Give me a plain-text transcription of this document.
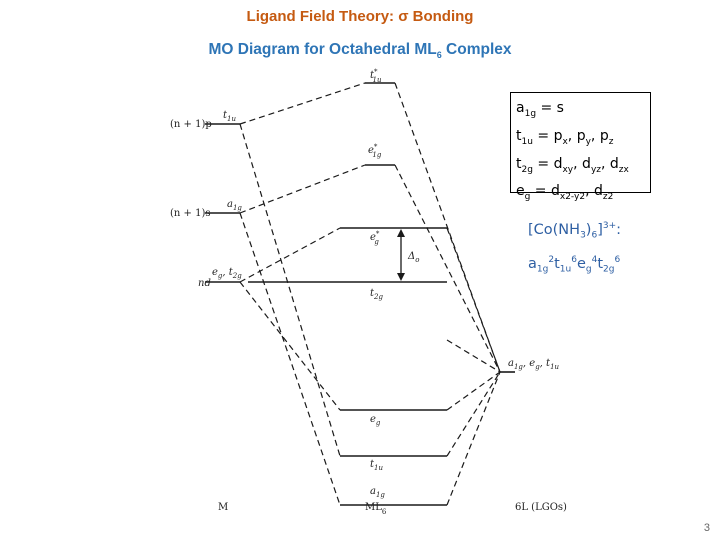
Ligand Field Theory: σ Bonding
MO Diagram for Octahedral $ML_6$ Complex
(n + 1)p
$t_{1u}$
(n + 1)s
$a_{1g}$
nd
$e_g$, $t_{2g}$
t* 1u
e* 1g
e* g
$t_{2g}$
$e_g$
$t_{1u}$
$a_{1g}$
$\Delta_o$
$a_{1g}$, $e_g$, $t_{1u}$
M	$ML_6$	6L (LGOs)
$a_{1g} = s$
$t_{1u} = p_x$, $p_y$, $p_z$
$t_{2g} = d_{xy}$, $d_{yz}$, $d_{zx}$
$e_g = d_{x2-y2}$, $d_{z2}$
$[Co(NH_3)_6]^{3+}$:
$a_{1g}^2t_{1u}^6e_g^4t_{2g}^6$
3
